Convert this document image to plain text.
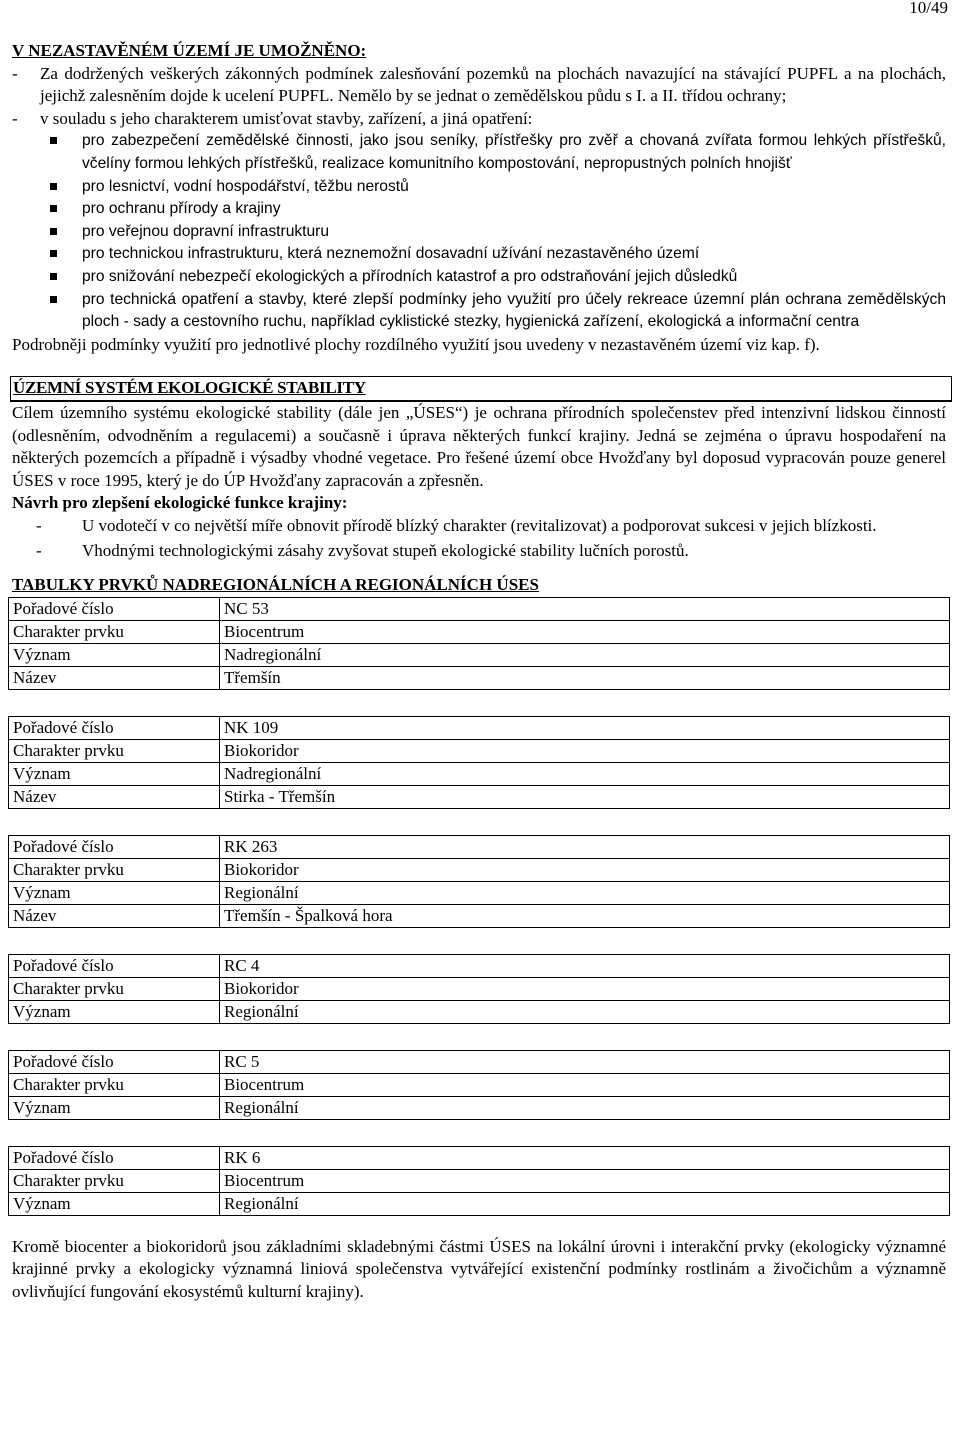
10/49

V NEZASTAVĚNÉM ÚZEMÍ JE UMOŽNĚNO:

-	Za dodržených veškerých zákonných podmínek zalesňování pozemků na plochách navazující na stávající PUPFL a na plochách, jejichž zalesněním dojde k ucelení PUPFL. Nemělo by se jednat o zemědělskou půdu s I. a II. třídou ochrany;
-	v souladu s jeho charakterem umisťovat stavby, zařízení, a jiná opatření:
pro zabezpečení zemědělské činnosti, jako jsou seníky, přístřešky pro zvěř a chovaná zvířata formou lehkých přístřešků, včelíny formou lehkých přístřešků, realizace komunitního kompostování, nepropustných polních hnojišť
pro lesnictví, vodní hospodářství, těžbu nerostů
pro ochranu přírody a krajiny
pro veřejnou dopravní infrastrukturu
pro technickou infrastrukturu, která neznemožní dosavadní užívání nezastavěného území
pro snižování nebezpečí ekologických a přírodních katastrof a pro odstraňování jejich důsledků
pro technická opatření a stavby, které zlepší podmínky jeho využití pro účely rekreace územní plán ochrana zemědělských ploch - sady a cestovního ruchu, například cyklistické stezky, hygienická zařízení, ekologická a informační centra

Podrobněji podmínky využití pro jednotlivé plochy rozdílného využití jsou uvedeny v nezastavěném území viz kap. f).

ÚZEMNÍ SYSTÉM EKOLOGICKÉ STABILITY

Cílem územního systému ekologické stability (dále jen „ÚSES“) je ochrana přírodních společenstev před intenzivní lidskou činností (odlesněním, odvodněním a regulacemi) a současně i úprava některých funkcí krajiny. Jedná se zejména o úpravu hospodaření na některých pozemcích a případně i výsadby vhodné vegetace. Pro řešené území obce Hvožďany byl doposud vypracován pouze generel ÚSES v roce 1995, který je do ÚP Hvožďany zapracován a zpřesněn.

Návrh pro zlepšení ekologické funkce krajiny:

-	U vodotečí v co největší míře obnovit přírodě blízký charakter (revitalizovat) a podporovat sukcesi v jejich blízkosti.
-	Vhodnými technologickými zásahy zvyšovat stupeň ekologické stability lučních porostů.

TABULKY PRVKŮ NADREGIONÁLNÍCH A REGIONÁLNÍCH ÚSES

Pořadové číslo	NC 53
Charakter prvku	Biocentrum
Význam	Nadregionální
Název	Třemšín
Pořadové číslo	NK 109
Charakter prvku	Biokoridor
Význam	Nadregionální
Název	Stirka - Třemšín
Pořadové číslo	RK 263
Charakter prvku	Biokoridor
Význam	Regionální
Název	Třemšín - Špalková hora
Pořadové číslo	RC 4
Charakter prvku	Biokoridor
Význam	Regionální
Pořadové číslo	RC 5
Charakter prvku	Biocentrum
Význam	Regionální
Pořadové číslo	RK 6
Charakter prvku	Biocentrum
Význam	Regionální

Kromě biocenter a biokoridorů jsou základními skladebnými částmi ÚSES na lokální úrovni i interakční prvky (ekologicky významné krajinné prvky a ekologicky významná liniová společenstva vytvářející existenční podmínky rostlinám a živočichům a významně ovlivňující fungování ekosystémů kulturní krajiny).
